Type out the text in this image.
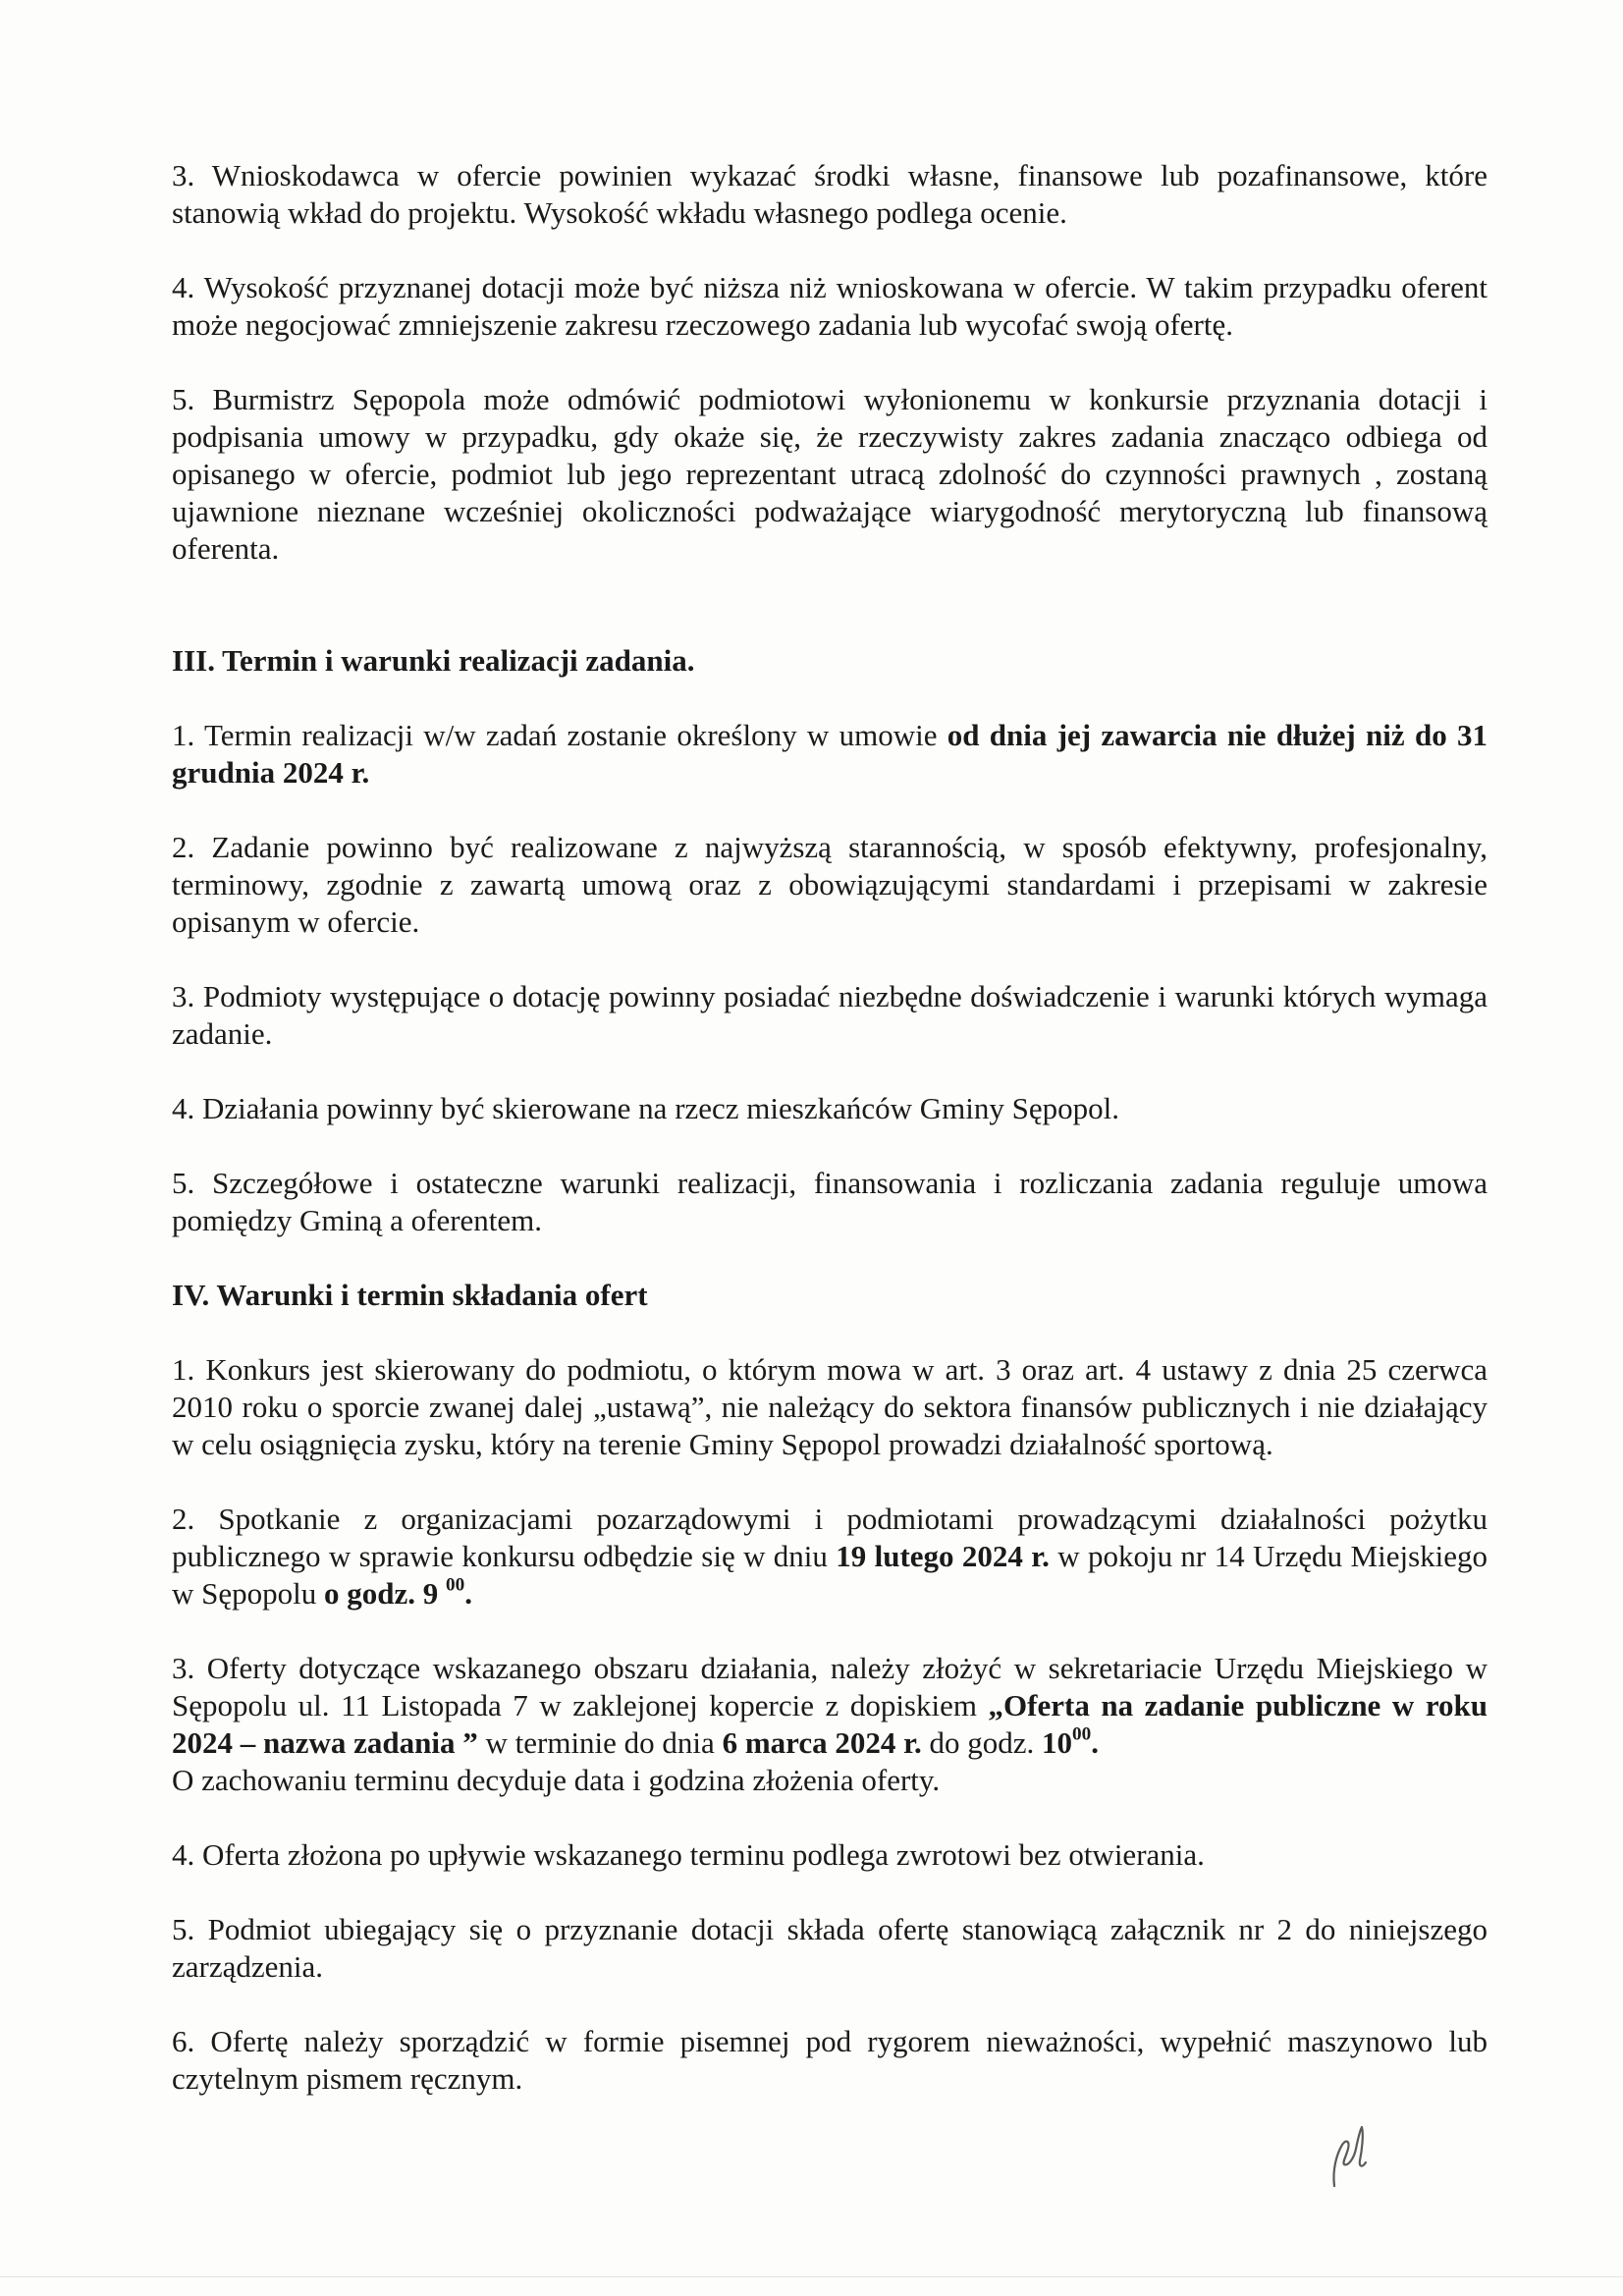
3. Wnioskodawca w ofercie powinien wykazać środki własne, finansowe lub pozafinansowe, które stanowią wkład do projektu. Wysokość wkładu własnego podlega ocenie.

4. Wysokość przyznanej dotacji może być niższa niż wnioskowana w ofercie. W takim przypadku oferent może negocjować zmniejszenie zakresu rzeczowego zadania lub wycofać swoją ofertę.

5. Burmistrz Sępopola może odmówić podmiotowi wyłonionemu w konkursie przyznania dotacji i podpisania umowy w przypadku, gdy okaże się, że rzeczywisty zakres zadania znacząco odbiega od opisanego w ofercie, podmiot lub jego reprezentant utracą zdolność do czynności prawnych , zostaną ujawnione nieznane wcześniej okoliczności podważające wiarygodność merytoryczną lub finansową oferenta.

III. Termin i warunki realizacji zadania.

1. Termin realizacji w/w zadań zostanie określony w umowie od dnia jej zawarcia nie dłużej niż do 31 grudnia 2024 r.

2. Zadanie powinno być realizowane z najwyższą starannością, w sposób efektywny, profesjonalny, terminowy, zgodnie z zawartą umową oraz z obowiązującymi standardami i przepisami w zakresie opisanym w ofercie.

3. Podmioty występujące o dotację powinny posiadać niezbędne doświadczenie i warunki których wymaga zadanie.

4. Działania powinny być skierowane na rzecz mieszkańców Gminy Sępopol.

5. Szczegółowe i ostateczne warunki realizacji, finansowania i rozliczania zadania reguluje umowa pomiędzy Gminą a oferentem.

IV. Warunki i termin składania ofert

1. Konkurs jest skierowany do podmiotu, o którym mowa w art. 3 oraz art. 4 ustawy z dnia 25 czerwca 2010 roku o sporcie zwanej dalej „ustawą”, nie należący do sektora finansów publicznych i nie działający w celu osiągnięcia zysku, który na terenie Gminy Sępopol prowadzi działalność sportową.

2. Spotkanie z organizacjami pozarządowymi i podmiotami prowadzącymi działalności pożytku publicznego w sprawie konkursu odbędzie się w dniu 19 lutego 2024 r. w pokoju nr 14 Urzędu Miejskiego w Sępopolu o godz. 9 $^{00}$.

3. Oferty dotyczące wskazanego obszaru działania, należy złożyć w sekretariacie Urzędu Miejskiego w Sępopolu ul. 11 Listopada 7 w zaklejonej kopercie z dopiskiem „Oferta na zadanie publiczne w roku 2024 – nazwa zadania ” w terminie do dnia 6 marca 2024 r. do godz. $10^{00}$.
O zachowaniu terminu decyduje data i godzina złożenia oferty.

4. Oferta złożona po upływie wskazanego terminu podlega zwrotowi bez otwierania.

5. Podmiot ubiegający się o przyznanie dotacji składa ofertę stanowiącą załącznik nr 2 do niniejszego zarządzenia.

6. Ofertę należy sporządzić w formie pisemnej pod rygorem nieważności, wypełnić maszynowo lub czytelnym pismem ręcznym.
